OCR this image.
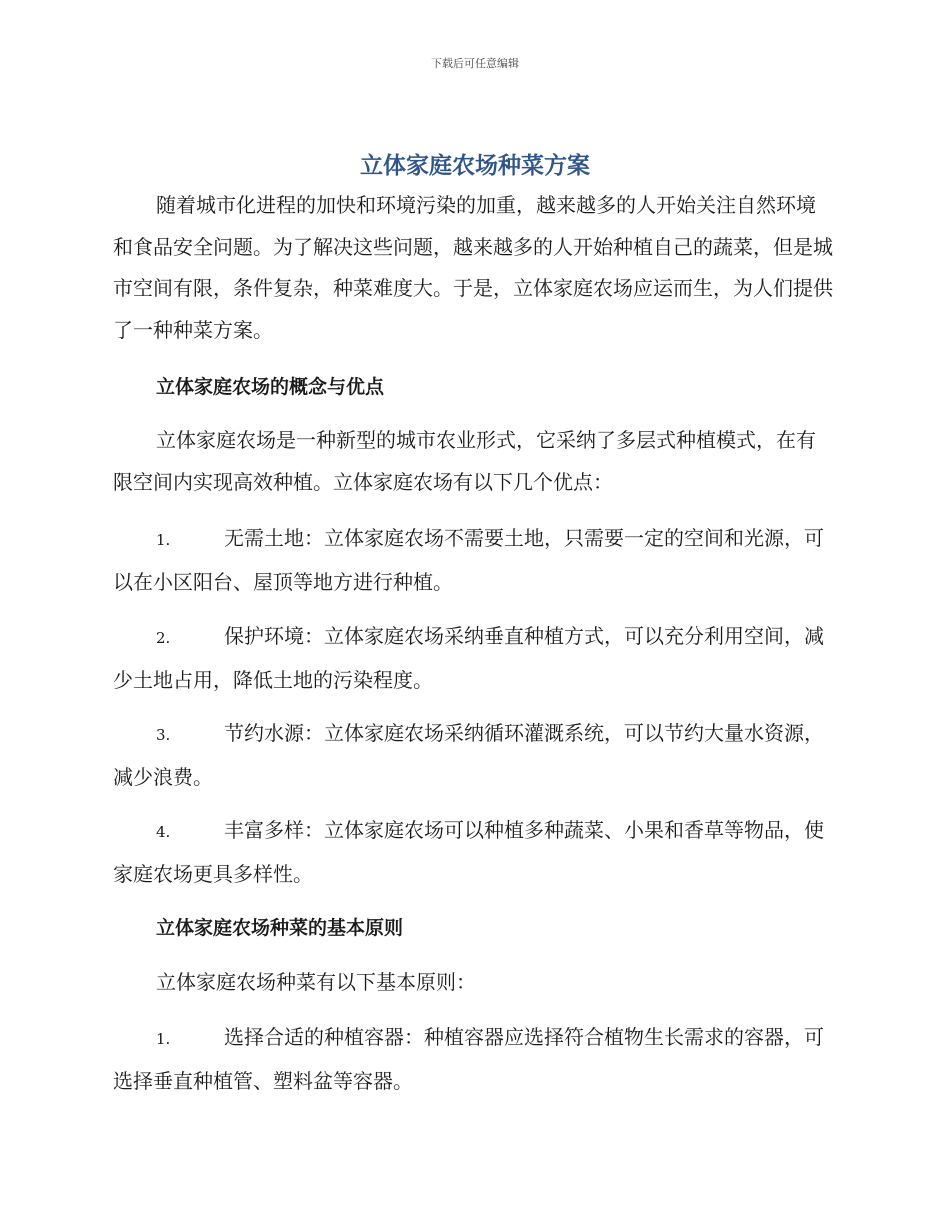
下载后可任意编辑
立体家庭农场种菜方案

随着城市化进程的加快和环境污染的加重，越来越多的人开始关注自然环境和食品安全问题。为了解决这些问题，越来越多的人开始种植自己的蔬菜，但是城市空间有限，条件复杂，种菜难度大。于是，立体家庭农场应运而生，为人们提供了一种种菜方案。

立体家庭农场的概念与优点

立体家庭农场是一种新型的城市农业形式，它采纳了多层式种植模式，在有限空间内实现高效种植。立体家庭农场有以下几个优点：

1.	无需土地：立体家庭农场不需要土地，只需要一定的空间和光源，可以在小区阳台、屋顶等地方进行种植。

2.	保护环境：立体家庭农场采纳垂直种植方式，可以充分利用空间，减少土地占用，降低土地的污染程度。

3.	节约水源：立体家庭农场采纳循环灌溉系统，可以节约大量水资源，减少浪费。

4.	丰富多样：立体家庭农场可以种植多种蔬菜、小果和香草等物品，使家庭农场更具多样性。

立体家庭农场种菜的基本原则

立体家庭农场种菜有以下基本原则：

1.	选择合适的种植容器：种植容器应选择符合植物生长需求的容器，可选择垂直种植管、塑料盆等容器。
